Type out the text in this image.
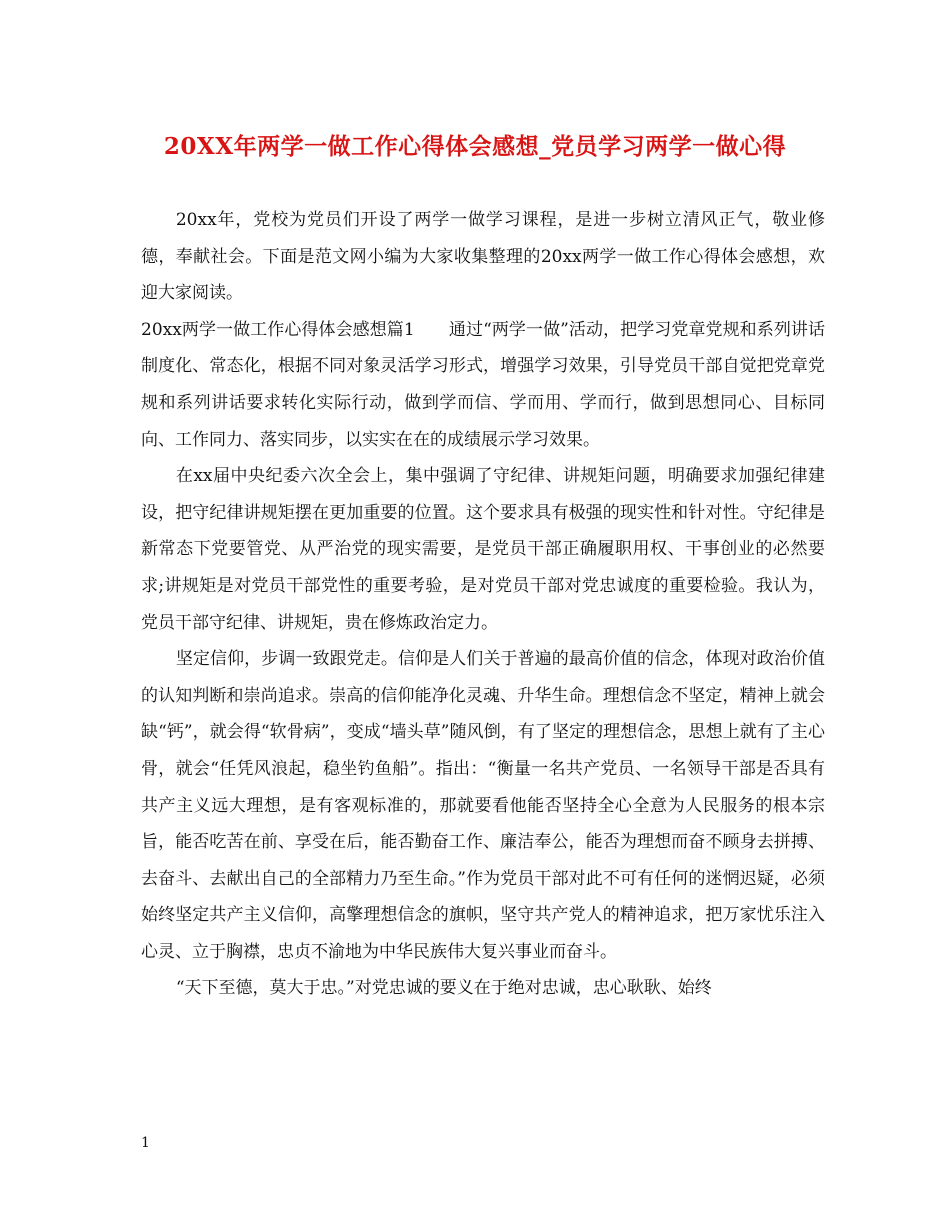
20XX年两学一做工作心得体会感想_党员学习两学一做心得

20xx年，党校为党员们开设了两学一做学习课程，是进一步树立清风正气，敬业修德，奉献社会。下面是范文网小编为大家收集整理的20xx两学一做工作心得体会感想，欢迎大家阅读。

20xx两学一做工作心得体会感想篇1　　通过“两学一做”活动，把学习党章党规和系列讲话制度化、常态化，根据不同对象灵活学习形式，增强学习效果，引导党员干部自觉把党章党规和系列讲话要求转化实际行动，做到学而信、学而用、学而行，做到思想同心、目标同向、工作同力、落实同步，以实实在在的成绩展示学习效果。

在xx届中央纪委六次全会上，集中强调了守纪律、讲规矩问题，明确要求加强纪律建设，把守纪律讲规矩摆在更加重要的位置。这个要求具有极强的现实性和针对性。守纪律是新常态下党要管党、从严治党的现实需要，是党员干部正确履职用权、干事创业的必然要求;讲规矩是对党员干部党性的重要考验，是对党员干部对党忠诚度的重要检验。我认为，党员干部守纪律、讲规矩，贵在修炼政治定力。

坚定信仰，步调一致跟党走。信仰是人们关于普遍的最高价值的信念，体现对政治价值的认知判断和崇尚追求。崇高的信仰能净化灵魂、升华生命。理想信念不坚定，精神上就会缺“钙”，就会得“软骨病”，变成“墙头草”随风倒，有了坚定的理想信念，思想上就有了主心骨，就会“任凭风浪起，稳坐钓鱼船”。指出：“衡量一名共产党员、一名领导干部是否具有共产主义远大理想，是有客观标准的，那就要看他能否坚持全心全意为人民服务的根本宗旨，能否吃苦在前、享受在后，能否勤奋工作、廉洁奉公，能否为理想而奋不顾身去拼搏、去奋斗、去献出自己的全部精力乃至生命。”作为党员干部对此不可有任何的迷惘迟疑，必须始终坚定共产主义信仰，高擎理想信念的旗帜，坚守共产党人的精神追求，把万家忧乐注入心灵、立于胸襟，忠贞不渝地为中华民族伟大复兴事业而奋斗。

“天下至德，莫大于忠。”对党忠诚的要义在于绝对忠诚，忠心耿耿、始终

1
